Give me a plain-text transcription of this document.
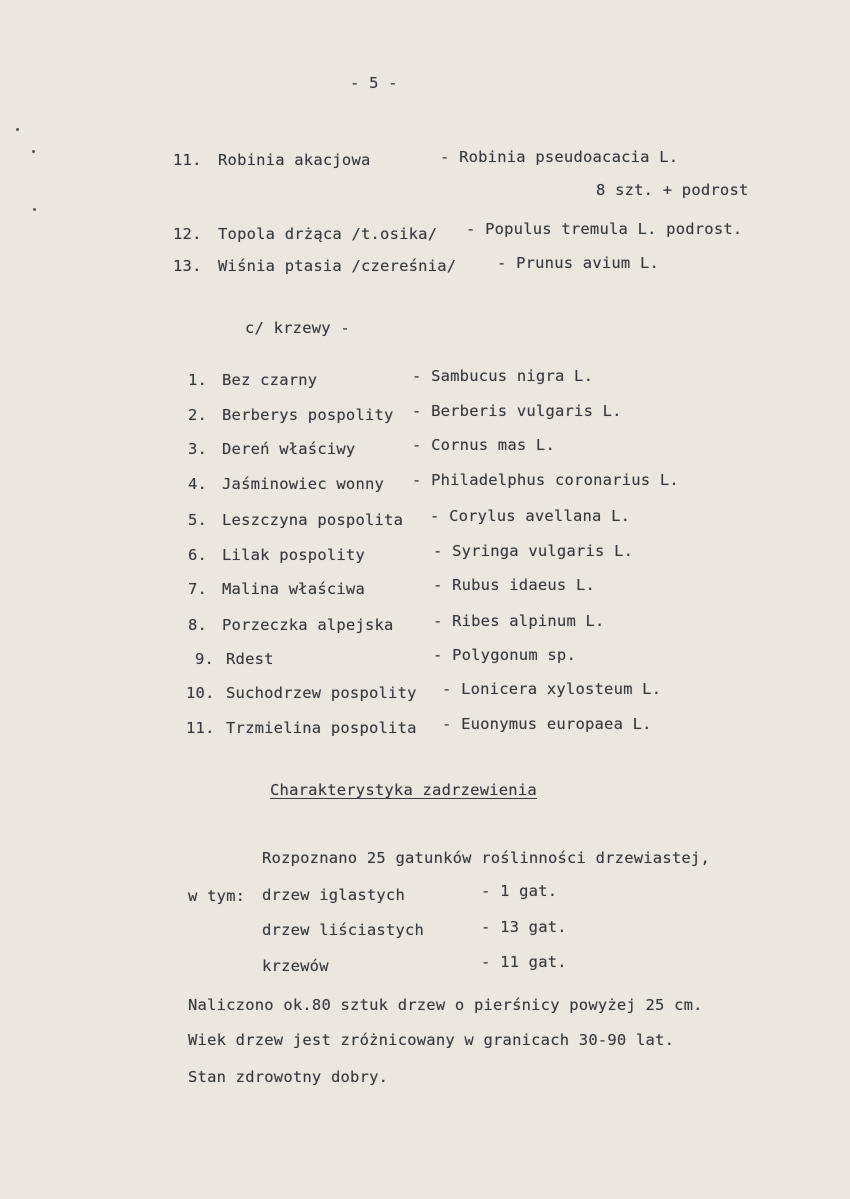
- 5 -
11. Robinia akacjowa	- Robinia pseudoacacia L.
8 szt. + podrost
12. Topola drżąca /t.osika/ - Populus tremula L. podrost.
13. Wiśnia ptasia /czereśnia/	- Prunus avium L.
c/ krzewy -
1. Bez czarny	- Sambucus nigra L.
2. Berberys pospolity - Berberis vulgaris L.
3. Dereń właściwy	- Cornus mas L.
4. Jaśminowiec wonny - Philadelphus coronarius L.
5. Leszczyna pospolita - Corylus avellana L.
6. Lilak pospolity	- Syringa vulgaris L.
7. Malina właściwa	- Rubus idaeus L.
8. Porzeczka alpejska	- Ribes alpinum L.
9. Rdest	- Polygonum sp.
10. Suchodrzew pospolity - Lonicera xylosteum L.
11. Trzmielina pospolita - Euonymus europaea L.
Charakterystyka zadrzewienia
Rozpoznano 25 gatunków roślinności drzewiastej,
w tym: drzew iglastych	- 1 gat.
drzew liściastych	- 13 gat.
krzewów	- 11 gat.
Naliczono ok.80 sztuk drzew o pierśnicy powyżej 25 cm.
Wiek drzew jest zróżnicowany w granicach 30-90 lat.
Stan zdrowotny dobry.
